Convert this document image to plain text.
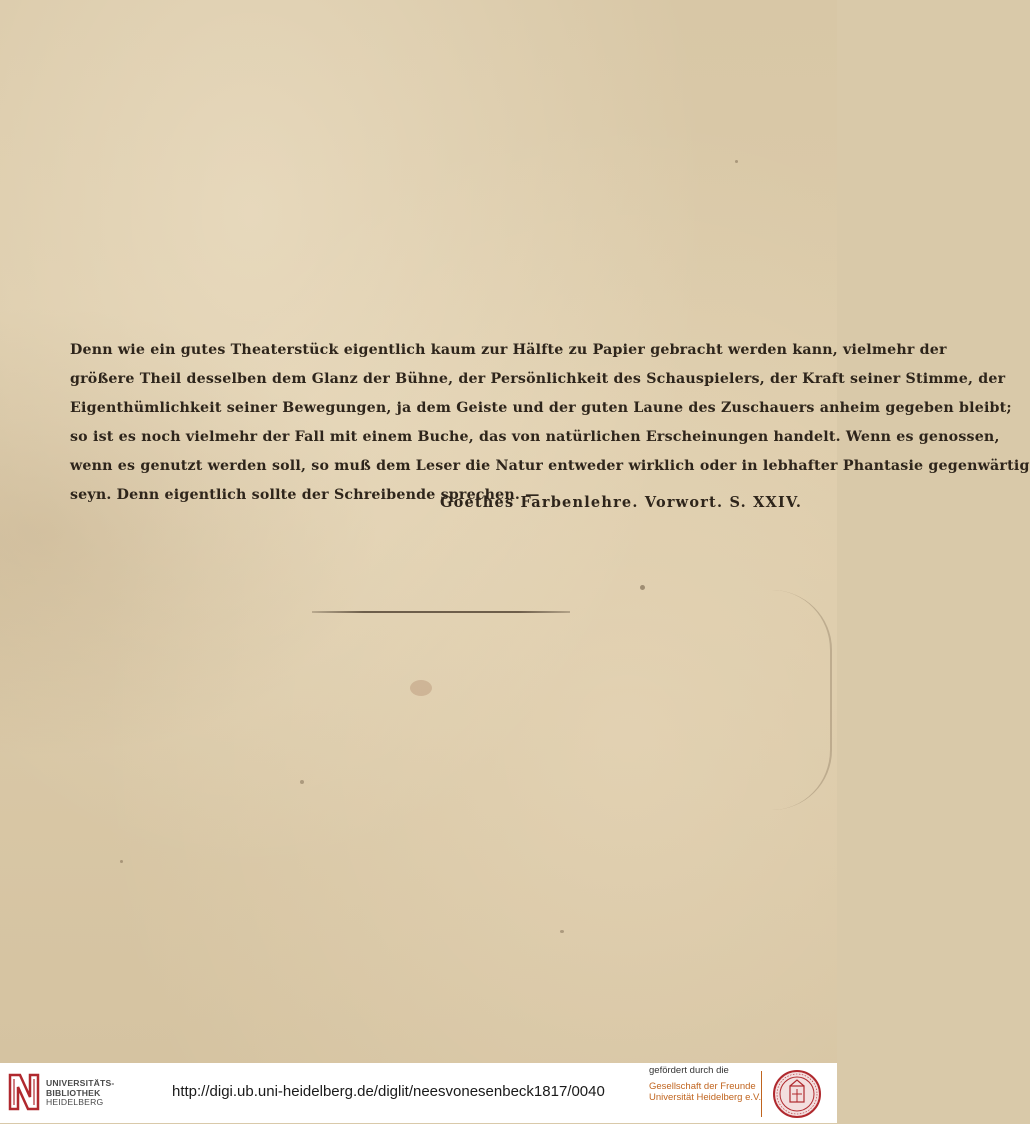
Denn wie ein gutes Theaterstück eigentlich kaum zur Hälfte zu Papier gebracht werden kann, vielmehr der
größere Theil desselben dem Glanz der Bühne, der Persönlichkeit des Schauspielers, der Kraft seiner Stimme, der
Eigenthümlichkeit seiner Bewegungen, ja dem Geiste und der guten Laune des Zuschauers anheim gegeben bleibt;
so ist es noch vielmehr der Fall mit einem Buche, das von natürlichen Erscheinungen handelt. Wenn es genossen,
wenn es genutzt werden soll, so muß dem Leser die Natur entweder wirklich oder in lebhafter Phantasie gegenwärtig
seyn. Denn eigentlich sollte der Schreibende sprechen. —
Goethes Farbenlehre. Vorwort. S. XXIV.
UNIVERSITÄTS-
BIBLIOTHEK
HEIDELBERG
http://digi.ub.uni-heidelberg.de/diglit/neesvonesenbeck1817/0040
gefördert durch die
Gesellschaft der Freunde
Universität Heidelberg e.V.
